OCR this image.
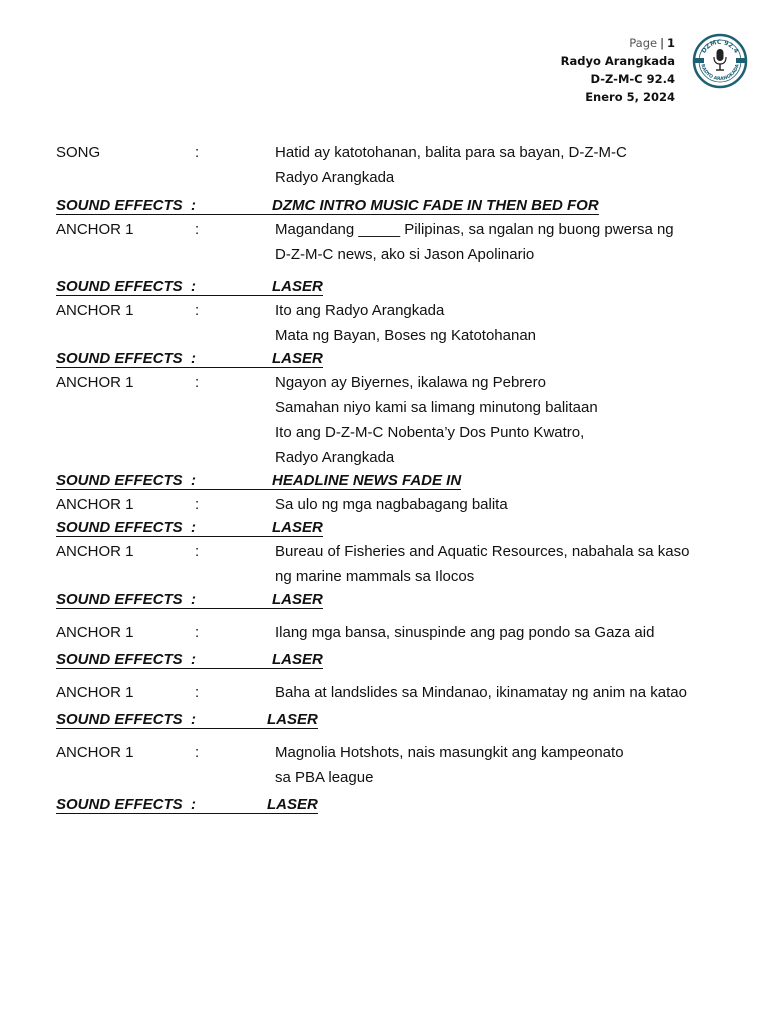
Page | 1
Radyo Arangkada
D-Z-M-C 92.4
Enero 5, 2024
DZMC 92.4
RADYO ARANGKADA
SONG	:	Hatid ay katotohanan, balita para sa bayan, D-Z-M-C
Radyo Arangkada
SOUND EFFECTS  :	DZMC INTRO MUSIC FADE IN THEN BED FOR
ANCHOR 1	:	Magandang _____ Pilipinas, sa ngalan ng buong pwersa ng
D-Z-M-C news, ako si Jason Apolinario
SOUND EFFECTS  :	LASER
ANCHOR 1	:	Ito ang Radyo Arangkada
Mata ng Bayan, Boses ng Katotohanan
SOUND EFFECTS  :	LASER
ANCHOR 1	:	Ngayon ay Biyernes, ikalawa ng Pebrero
Samahan niyo kami sa limang minutong balitaan
Ito ang D-Z-M-C Nobenta’y Dos Punto Kwatro,
Radyo Arangkada
SOUND EFFECTS  :	HEADLINE NEWS FADE IN
ANCHOR 1	:	Sa ulo ng mga nagbabagang balita
SOUND EFFECTS  :	LASER
ANCHOR 1	:	Bureau of Fisheries and Aquatic Resources, nabahala sa kaso
ng marine mammals sa Ilocos
SOUND EFFECTS  :	LASER
ANCHOR 1	:	Ilang mga bansa, sinuspinde ang pag pondo sa Gaza aid
SOUND EFFECTS  :	LASER
ANCHOR 1	:	Baha at landslides sa Mindanao, ikinamatay ng anim na katao
SOUND EFFECTS  :	LASER
ANCHOR 1	:	Magnolia Hotshots, nais masungkit ang kampeonato
sa PBA league
SOUND EFFECTS  :	LASER
